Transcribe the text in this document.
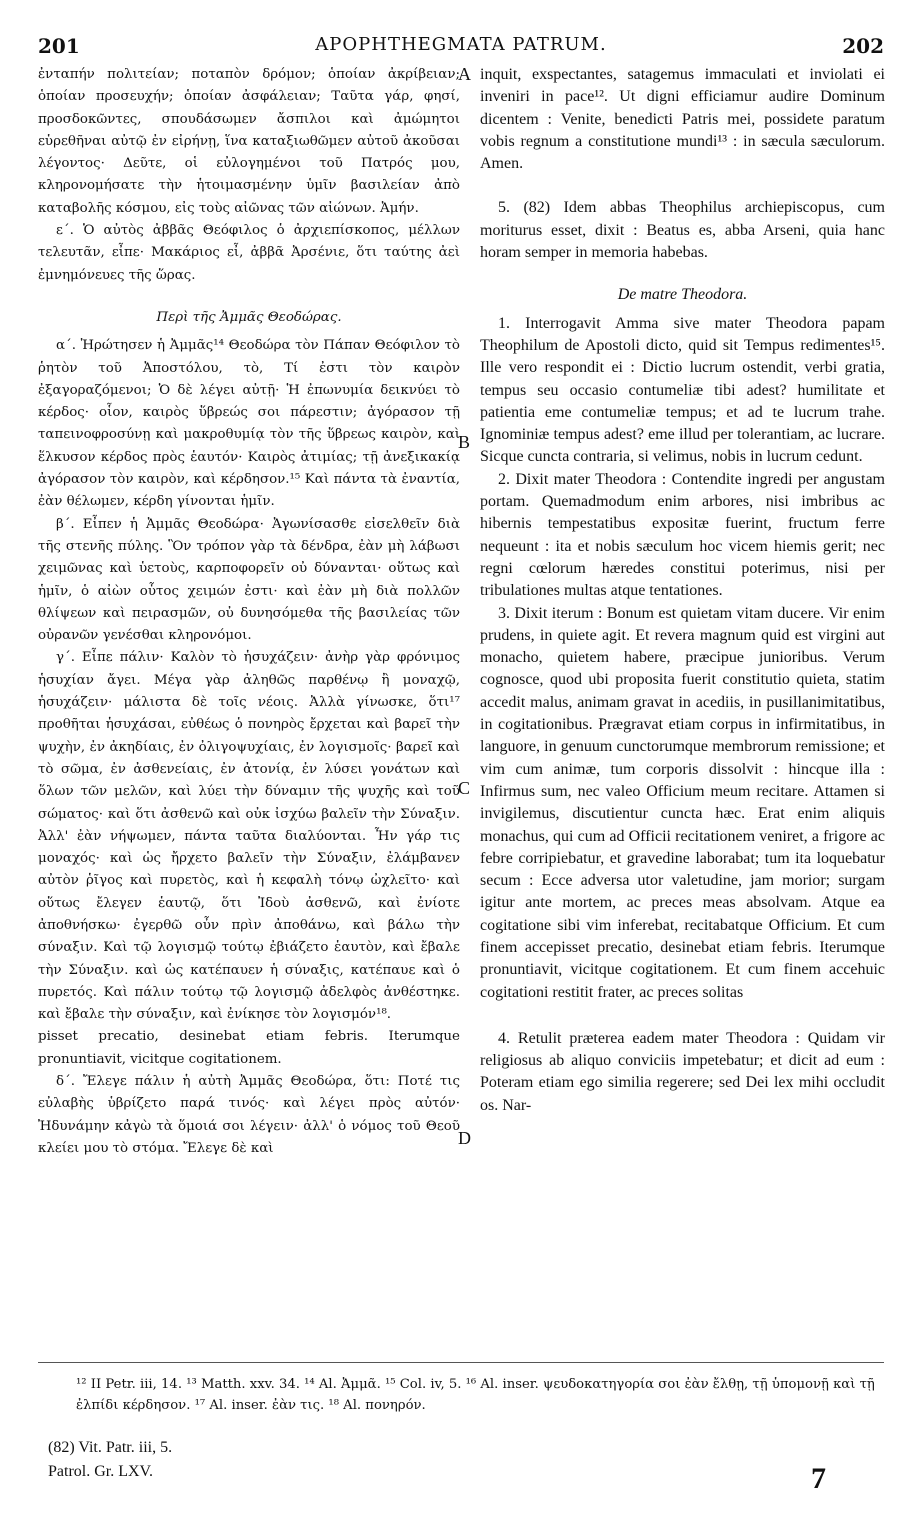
201	APOPHTHEGMATA PATRUM.	202

ἐνταπήν πολιτείαν; ποταπὸν δρόμον; ὁποίαν ἀκρίβειαν; ὁποίαν προσευχήν; ὁποίαν ἀσφάλειαν; Ταῦτα γάρ, φησί, προσδοκῶντες, σπουδάσωμεν ἄσπιλοι καὶ ἀμώμητοι εὑρεθῆναι αὐτῷ ἐν εἰρήνῃ, ἵνα καταξιωθῶμεν αὐτοῦ ἀκοῦσαι λέγοντος· Δεῦτε, οἱ εὐλογημένοι τοῦ Πατρός μου, κληρονομήσατε τὴν ἡτοιμασμένην ὑμῖν βασιλείαν ἀπὸ καταβολῆς κόσμου, εἰς τοὺς αἰῶνας τῶν αἰώνων. Ἀμήν.

ε΄. Ὁ αὐτὸς ἀββᾶς Θεόφιλος ὁ ἀρχιεπίσκοπος, μέλλων τελευτᾶν, εἶπε· Μακάριος εἶ, ἀββᾶ Ἀρσένιε, ὅτι ταύτης ἀεὶ ἐμνημόνευες τῆς ὥρας.

Περὶ τῆς Ἀμμᾶς Θεοδώρας.

α΄. Ἠρώτησεν ἡ Ἀμμᾶς¹⁴ Θεοδώρα τὸν Πάπαν Θεόφιλον τὸ ῥητὸν τοῦ Ἀποστόλου, τὸ, Τί ἐστι τὸν καιρὸν ἐξαγοραζόμενοι; Ὁ δὲ λέγει αὐτῇ· Ἡ ἐπωνυμία δεικνύει τὸ κέρδος· οἷον, καιρὸς ὕβρεώς σοι πάρεστιν; ἀγόρασον τῇ ταπεινοφροσύνῃ καὶ μακροθυμίᾳ τὸν τῆς ὕβρεως καιρὸν, καὶ ἕλκυσον κέρδος πρὸς ἑαυτόν· Καιρὸς ἀτιμίας; τῇ ἀνεξικακίᾳ ἀγόρασον τὸν καιρὸν, καὶ κέρδησον.¹⁵ Καὶ πάντα τὰ ἐναντία, ἐὰν θέλωμεν, κέρδη γίνονται ἡμῖν.

β΄. Εἶπεν ἡ Ἀμμᾶς Θεοδώρα· Ἀγωνίσασθε εἰσελθεῖν διὰ τῆς στενῆς πύλης. Ὃν τρόπον γὰρ τὰ δένδρα, ἐὰν μὴ λάβωσι χειμῶνας καὶ ὑετοὺς, καρποφορεῖν οὐ δύνανται· οὕτως καὶ ἡμῖν, ὁ αἰὼν οὗτος χειμών ἐστι· καὶ ἐὰν μὴ διὰ πολλῶν θλίψεων καὶ πειρασμῶν, οὐ δυνησόμεθα τῆς βασιλείας τῶν οὐρανῶν γενέσθαι κληρονόμοι.

γ΄. Εἶπε πάλιν· Καλὸν τὸ ἡσυχάζειν· ἀνὴρ γὰρ φρόνιμος ἡσυχίαν ἄγει. Μέγα γὰρ ἀληθῶς παρθένῳ ἢ μοναχῷ, ἡσυχάζειν· μάλιστα δὲ τοῖς νέοις. Ἀλλὰ γίνωσκε, ὅτι¹⁷ προθῆται ἡσυχάσαι, εὐθέως ὁ πονηρὸς ἔρχεται καὶ βαρεῖ τὴν ψυχὴν, ἐν ἀκηδίαις, ἐν ὀλιγοψυχίαις, ἐν λογισμοῖς· βαρεῖ καὶ τὸ σῶμα, ἐν ἀσθενείαις, ἐν ἀτονίᾳ, ἐν λύσει γονάτων καὶ ὅλων τῶν μελῶν, καὶ λύει τὴν δύναμιν τῆς ψυχῆς καὶ τοῦ σώματος· καὶ ὅτι ἀσθενῶ καὶ οὐκ ἰσχύω βαλεῖν τὴν Σύναξιν. Ἀλλ' ἐὰν νήψωμεν, πάντα ταῦτα διαλύονται. Ἦν γάρ τις μοναχός· καὶ ὡς ἤρχετο βαλεῖν τὴν Σύναξιν, ἐλάμβανεν αὐτὸν ῥῖγος καὶ πυρετὸς, καὶ ἡ κεφαλὴ τόνῳ ὠχλεῖτο· καὶ οὕτως ἔλεγεν ἑαυτῷ, ὅτι Ἰδοὺ ἀσθενῶ, καὶ ἐνίοτε ἀποθνήσκω· ἐγερθῶ οὖν πρὶν ἀποθάνω, καὶ βάλω τὴν σύναξιν. Καὶ τῷ λογισμῷ τούτῳ ἐβιάζετο ἑαυτὸν, καὶ ἔβαλε τὴν Σύναξιν. καὶ ὡς κατέπαυεν ἡ σύναξις, κατέπαυε καὶ ὁ πυρετός. Καὶ πάλιν τούτῳ τῷ λογισμῷ ἀδελφὸς ἀνθέστηκε. καὶ ἔβαλε τὴν σύναξιν, καὶ ἐνίκησε τὸν λογισμόν¹⁸.

pisset precatio, desinebat etiam febris. Iterumque pronuntiavit, vicitque cogitationem.

δ΄. Ἔλεγε πάλιν ἡ αὐτὴ Ἀμμᾶς Θεοδώρα, ὅτι: Ποτέ τις εὐλαβὴς ὑβρίζετο παρά τινός· καὶ λέγει πρὸς αὐτόν· Ἠδυνάμην κἀγὼ τὰ ὅμοιά σοι λέγειν· ἀλλ' ὁ νόμος τοῦ Θεοῦ κλείει μου τὸ στόμα. Ἔλεγε δὲ καὶ

A
B
C
D

inquit, exspectantes, satagemus immaculati et inviolati ei inveniri in pace¹². Ut digni efficiamur audire Dominum dicentem : Venite, benedicti Patris mei, possidete paratum vobis regnum a constitutione mundi¹³ : in sæcula sæculorum. Amen.

5. (82) Idem abbas Theophilus archiepiscopus, cum moriturus esset, dixit : Beatus es, abba Arseni, quia hanc horam semper in memoria habebas.

De matre Theodora.

1. Interrogavit Amma sive mater Theodora papam Theophilum de Apostoli dicto, quid sit Tempus redimentes¹⁵. Ille vero respondit ei : Dictio lucrum ostendit, verbi gratia, tempus seu occasio contumeliæ tibi adest? humilitate et patientia eme contumeliæ tempus; et ad te lucrum trahe. Ignominiæ tempus adest? eme illud per tolerantiam, ac lucrare. Sicque cuncta contraria, si velimus, nobis in lucrum cedunt.

2. Dixit mater Theodora : Contendite ingredi per angustam portam. Quemadmodum enim arbores, nisi imbribus ac hibernis tempestatibus expositæ fuerint, fructum ferre nequeunt : ita et nobis sæculum hoc vicem hiemis gerit; nec regni cœlorum hæredes constitui poterimus, nisi per tribulationes multas atque tentationes.

3. Dixit iterum : Bonum est quietam vitam ducere. Vir enim prudens, in quiete agit. Et revera magnum quid est virgini aut monacho, quietem habere, præcipue junioribus. Verum cognosce, quod ubi proposita fuerit constitutio quieta, statim accedit malus, animam gravat in acediis, in pusillanimitatibus, in cogitationibus. Prægravat etiam corpus in infirmitatibus, in languore, in genuum cunctorumque membrorum remissione; et vim cum animæ, tum corporis dissolvit : hincque illa : Infirmus sum, nec valeo Officium meum recitare. Attamen si invigilemus, discutientur cuncta hæc. Erat enim aliquis monachus, qui cum ad Officii recitationem veniret, a frigore ac febre corripiebatur, et gravedine laborabat; tum ita loquebatur secum : Ecce adversa utor valetudine, jam morior; surgam igitur ante mortem, ac preces meas absolvam. Atque ea cogitatione sibi vim inferebat, recitabatque Officium. Et cum finem accepisset precatio, desinebat etiam febris. Iterumque pronuntiavit, vicitque cogitationem. Et cum finem accehuic cogitationi restitit frater, ac preces solitas

4. Retulit præterea eadem mater Theodora : Quidam vir religiosus ab aliquo conviciis impetebatur; et dicit ad eum : Poteram etiam ego similia regerere; sed Dei lex mihi occludit os. Nar-

¹² II Petr. iii, 14. ¹³ Matth. xxv. 34. ¹⁴ Al. Ἀμμᾶ. ¹⁵ Col. iv, 5. ¹⁶ Al. inser. ψευδοκατηγορία σοι ἐὰν ἔλθῃ, τῇ ὑπομονῇ καὶ τῇ ἐλπίδι κέρδησον. ¹⁷ Al. inser. ἐὰν τις. ¹⁸ Al. πονηρόν.
(82) Vit. Patr. iii, 5.
Patrol. Gr. LXV.	7
